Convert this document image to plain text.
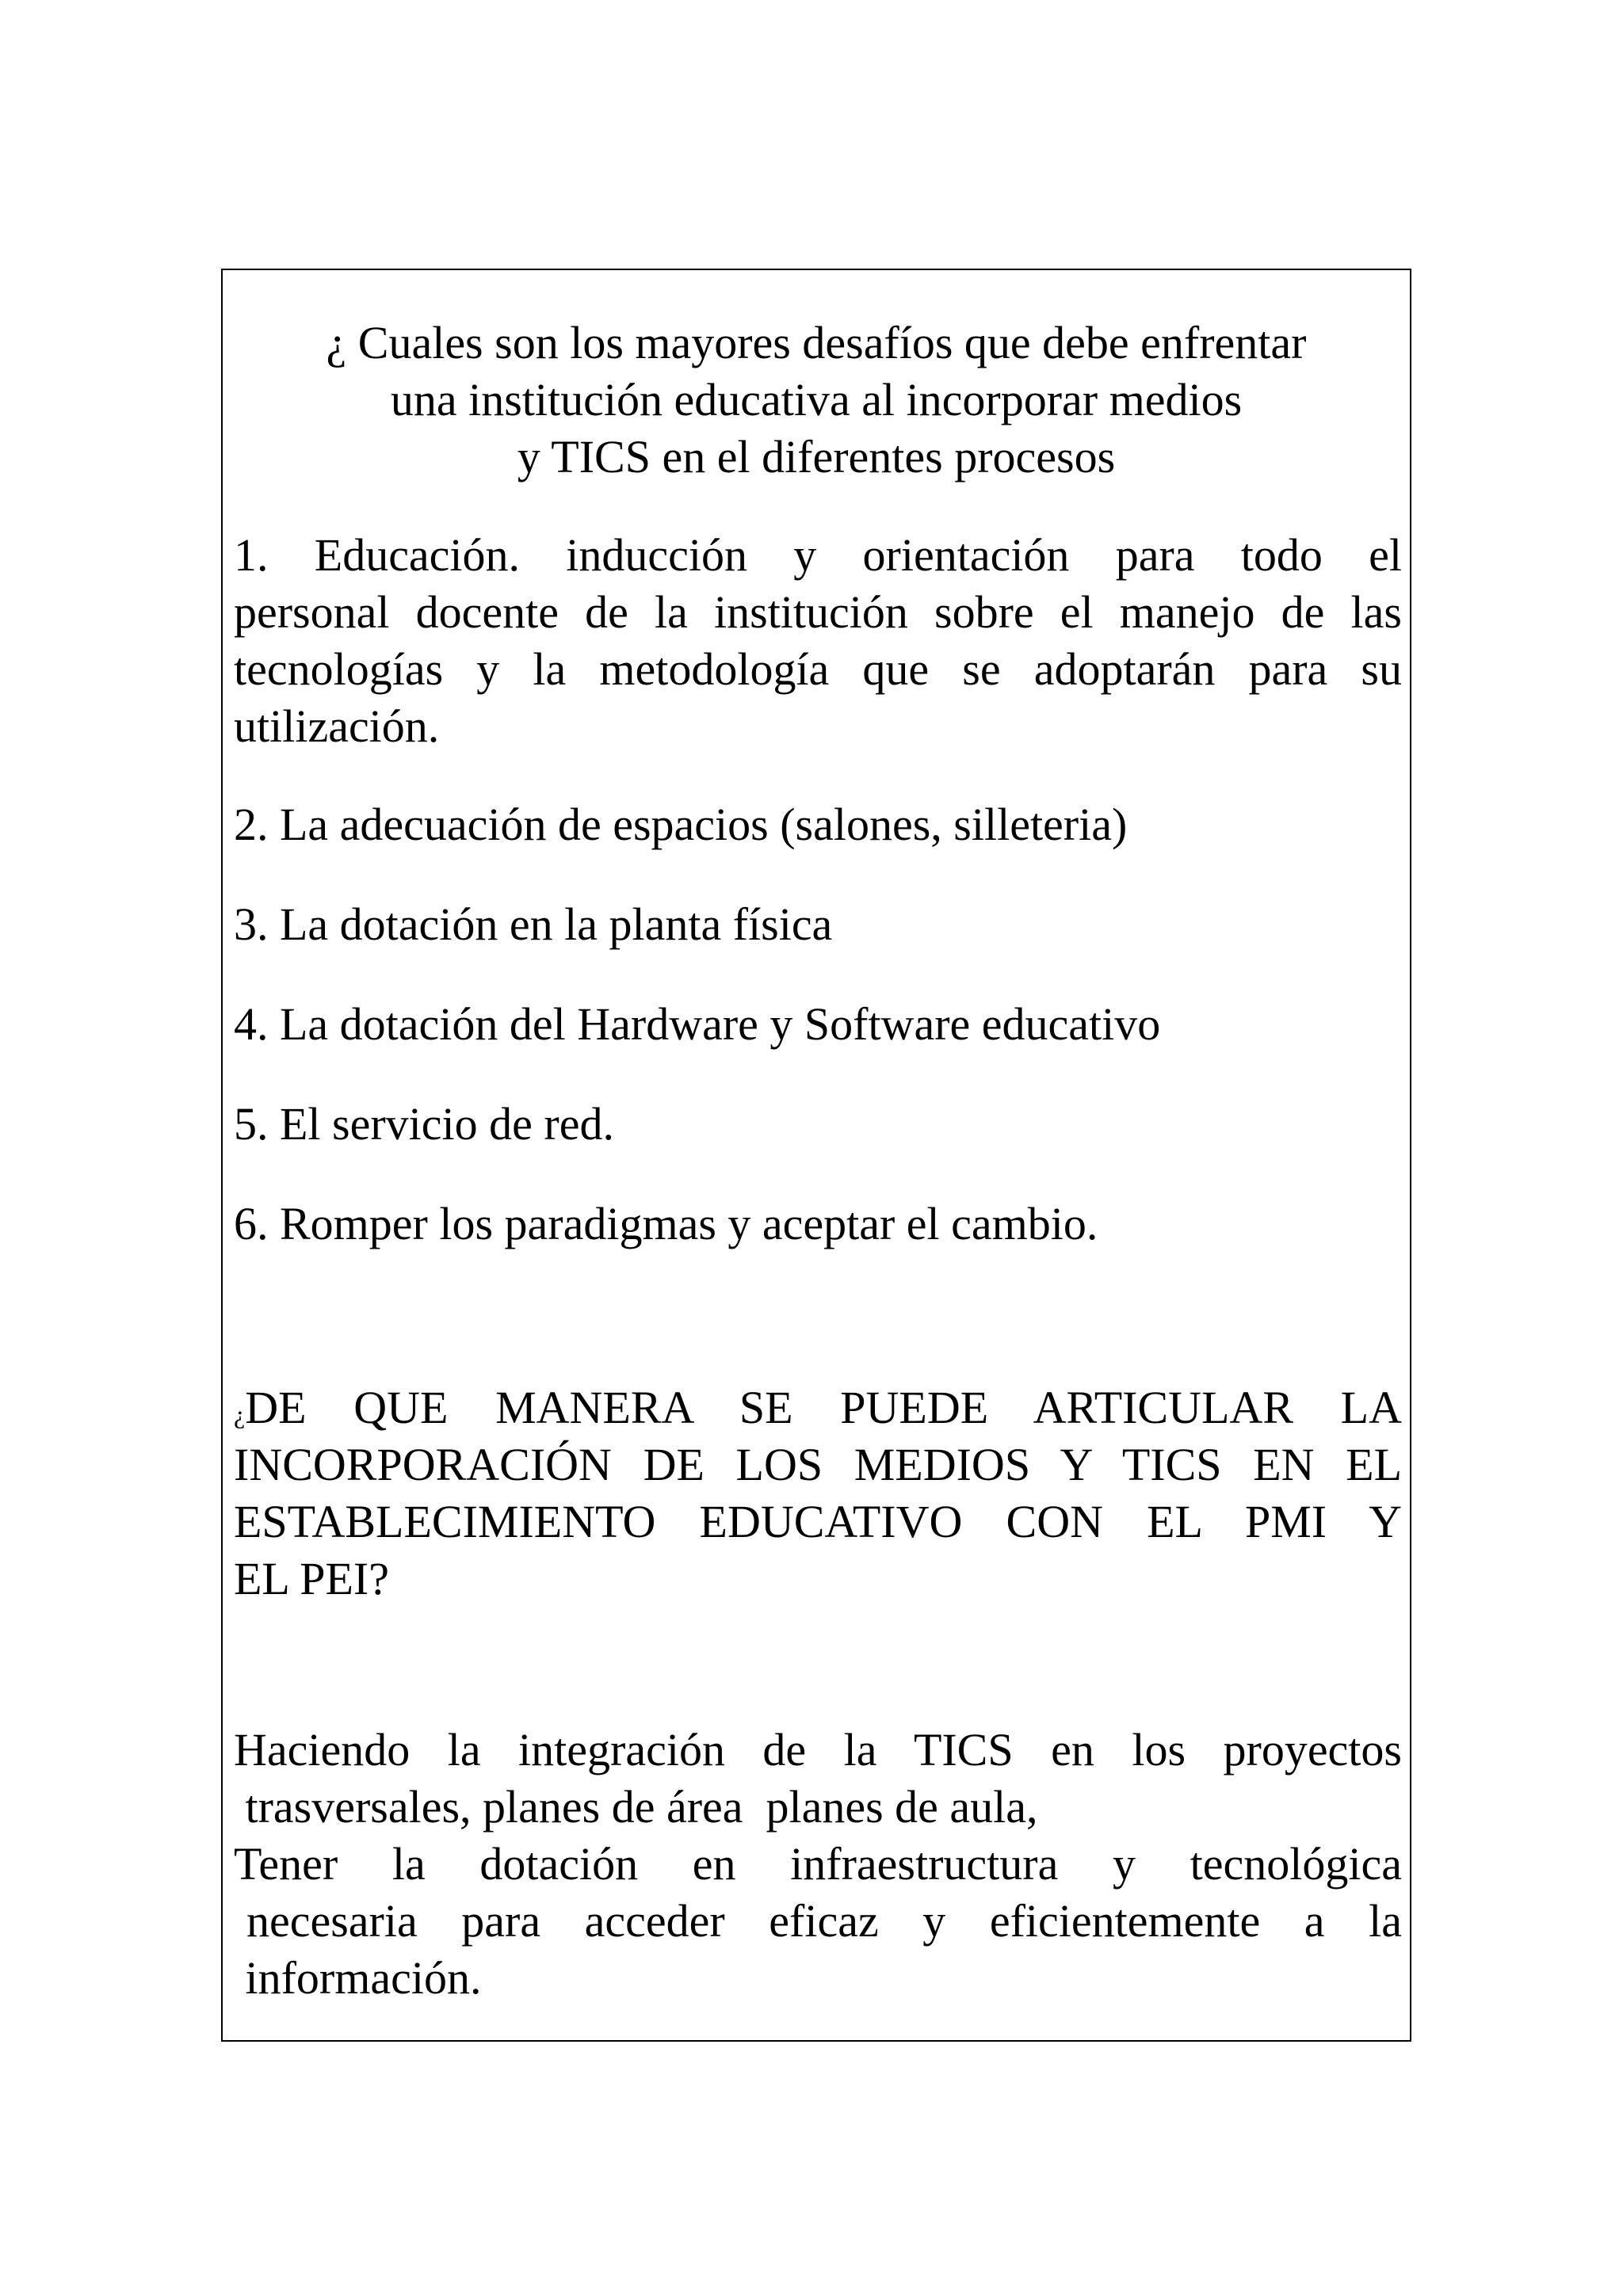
¿ Cuales son los mayores desafíos que debe enfrentar
una institución educativa al incorporar medios
y TICS en el diferentes procesos
1. Educación. inducción y orientación para todo el
personal docente de la institución sobre el manejo de las
tecnologías y la metodología que se adoptarán para su
utilización.
2. La adecuación de espacios (salones, silleteria)
3. La dotación en la planta física
4. La dotación del Hardware y Software educativo
5. El servicio de red.
6. Romper los paradigmas y aceptar el cambio.
¿DE QUE MANERA SE PUEDE ARTICULAR LA
INCORPORACIÓN DE LOS MEDIOS Y TICS EN EL
ESTABLECIMIENTO EDUCATIVO CON EL PMI Y
EL PEI?
Haciendo la integración de la TICS en los proyectos
trasversales, planes de área  planes de aula,
Tener la dotación en infraestructura y tecnológica
necesaria para acceder eficaz y eficientemente a la
información.
